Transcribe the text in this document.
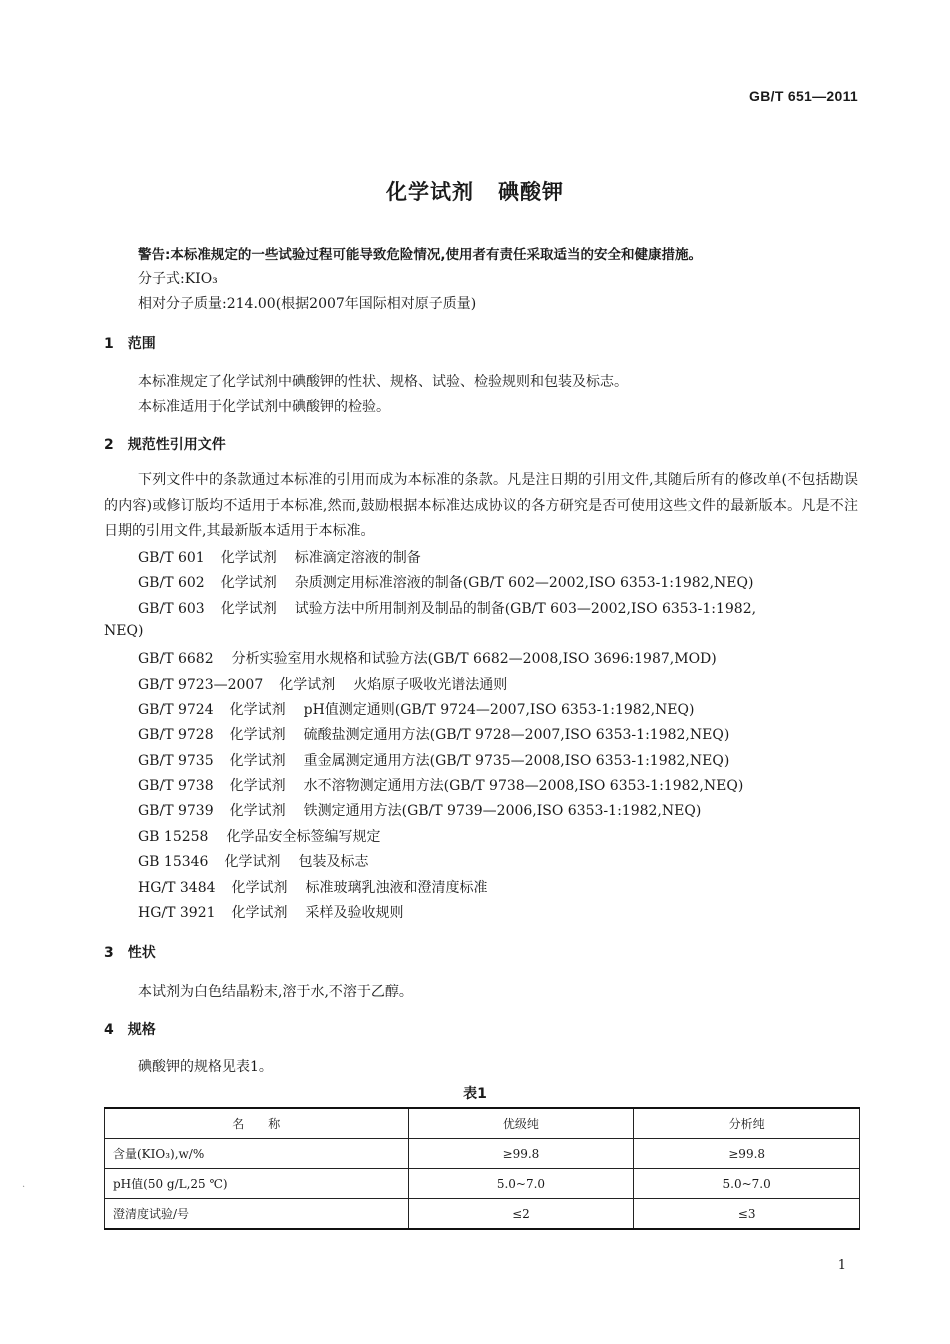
GB/T 651—2011
化学试剂 碘酸钾
警告:本标准规定的一些试验过程可能导致危险情况,使用者有责任采取适当的安全和健康措施。
分子式:KIO₃
相对分子质量:214.00(根据2007年国际相对原子质量)
1　范围
本标准规定了化学试剂中碘酸钾的性状、规格、试验、检验规则和包装及标志。
本标准适用于化学试剂中碘酸钾的检验。
2　规范性引用文件
下列文件中的条款通过本标准的引用而成为本标准的条款。凡是注日期的引用文件,其随后所有的修改单(不包括勘误的内容)或修订版均不适用于本标准,然而,鼓励根据本标准达成协议的各方研究是否可使用这些文件的最新版本。凡是不注日期的引用文件,其最新版本适用于本标准。
GB/T 601 化学试剂 标准滴定溶液的制备
GB/T 602 化学试剂 杂质测定用标准溶液的制备(GB/T 602—2002,ISO 6353-1:1982,NEQ)
GB/T 603 化学试剂 试验方法中所用制剂及制品的制备(GB/T 603—2002,ISO 6353-1:1982,
NEQ)
GB/T 6682 分析实验室用水规格和试验方法(GB/T 6682—2008,ISO 3696:1987,MOD)
GB/T 9723—2007 化学试剂 火焰原子吸收光谱法通则
GB/T 9724 化学试剂 pH值测定通则(GB/T 9724—2007,ISO 6353-1:1982,NEQ)
GB/T 9728 化学试剂 硫酸盐测定通用方法(GB/T 9728—2007,ISO 6353-1:1982,NEQ)
GB/T 9735 化学试剂 重金属测定通用方法(GB/T 9735—2008,ISO 6353-1:1982,NEQ)
GB/T 9738 化学试剂 水不溶物测定通用方法(GB/T 9738—2008,ISO 6353-1:1982,NEQ)
GB/T 9739 化学试剂 铁测定通用方法(GB/T 9739—2006,ISO 6353-1:1982,NEQ)
GB 15258 化学品安全标签编写规定
GB 15346 化学试剂 包装及标志
HG/T 3484 化学试剂 标准玻璃乳浊液和澄清度标准
HG/T 3921 化学试剂 采样及验收规则
3　性状
本试剂为白色结晶粉末,溶于水,不溶于乙醇。
4　规格
碘酸钾的规格见表1。
表1
名　　称	优级纯	分析纯
含量(KIO₃),w/%	≥99.8	≥99.8
pH值(50 g/L,25 ℃)	5.0~7.0	5.0~7.0
澄清度试验/号	≤2	≤3
·
1
